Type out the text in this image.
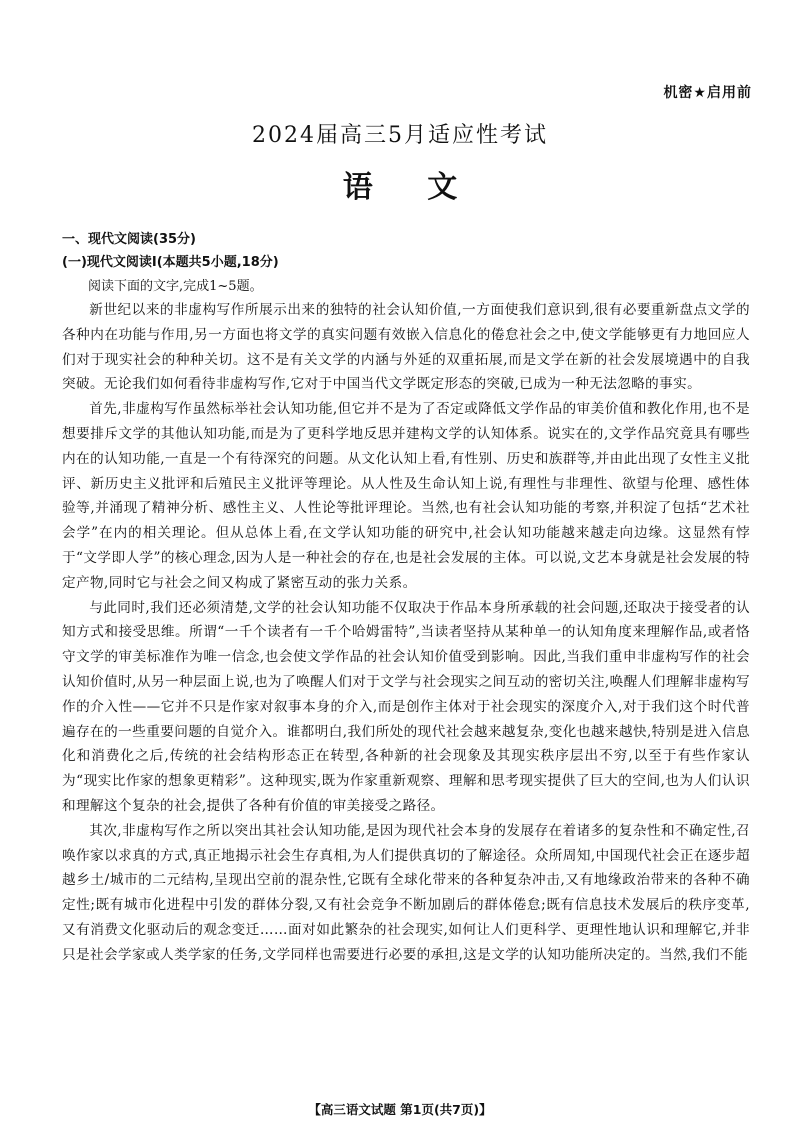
机密★启用前
2024届高三5月适应性考试
语 文
一、现代文阅读(35分)
(一)现代文阅读Ⅰ(本题共5小题,18分)
阅读下面的文字,完成1~5题。

新世纪以来的非虚构写作所展示出来的独特的社会认知价值,一方面使我们意识到,很有必要重新盘点文学的各种内在功能与作用,另一方面也将文学的真实问题有效嵌入信息化的倦怠社会之中,使文学能够更有力地回应人们对于现实社会的种种关切。这不是有关文学的内涵与外延的双重拓展,而是文学在新的社会发展境遇中的自我突破。无论我们如何看待非虚构写作,它对于中国当代文学既定形态的突破,已成为一种无法忽略的事实。

首先,非虚构写作虽然标举社会认知功能,但它并不是为了否定或降低文学作品的审美价值和教化作用,也不是想要排斥文学的其他认知功能,而是为了更科学地反思并建构文学的认知体系。说实在的,文学作品究竟具有哪些内在的认知功能,一直是一个有待深究的问题。从文化认知上看,有性别、历史和族群等,并由此出现了女性主义批评、新历史主义批评和后殖民主义批评等理论。从人性及生命认知上说,有理性与非理性、欲望与伦理、感性体验等,并涌现了精神分析、感性主义、人性论等批评理论。当然,也有社会认知功能的考察,并积淀了包括“艺术社会学”在内的相关理论。但从总体上看,在文学认知功能的研究中,社会认知功能越来越走向边缘。这显然有悖于“文学即人学”的核心理念,因为人是一种社会的存在,也是社会发展的主体。可以说,文艺本身就是社会发展的特定产物,同时它与社会之间又构成了紧密互动的张力关系。

与此同时,我们还必须清楚,文学的社会认知功能不仅取决于作品本身所承载的社会问题,还取决于接受者的认知方式和接受思维。所谓“一千个读者有一千个哈姆雷特”,当读者坚持从某种单一的认知角度来理解作品,或者恪守文学的审美标准作为唯一信念,也会使文学作品的社会认知价值受到影响。因此,当我们重申非虚构写作的社会认知价值时,从另一种层面上说,也为了唤醒人们对于文学与社会现实之间互动的密切关注,唤醒人们理解非虚构写作的介入性——它并不只是作家对叙事本身的介入,而是创作主体对于社会现实的深度介入,对于我们这个时代普遍存在的一些重要问题的自觉介入。谁都明白,我们所处的现代社会越来越复杂,变化也越来越快,特别是进入信息化和消费化之后,传统的社会结构形态正在转型,各种新的社会现象及其现实秩序层出不穷,以至于有些作家认为“现实比作家的想象更精彩”。这种现实,既为作家重新观察、理解和思考现实提供了巨大的空间,也为人们认识和理解这个复杂的社会,提供了各种有价值的审美接受之路径。

其次,非虚构写作之所以突出其社会认知功能,是因为现代社会本身的发展存在着诸多的复杂性和不确定性,召唤作家以求真的方式,真正地揭示社会生存真相,为人们提供真切的了解途径。众所周知,中国现代社会正在逐步超越乡土/城市的二元结构,呈现出空前的混杂性,它既有全球化带来的各种复杂冲击,又有地缘政治带来的各种不确定性;既有城市化进程中引发的群体分裂,又有社会竞争不断加剧后的群体倦怠;既有信息技术发展后的秩序变革,又有消费文化驱动后的观念变迁……面对如此繁杂的社会现实,如何让人们更科学、更理性地认识和理解它,并非只是社会学家或人类学家的任务,文学同样也需要进行必要的承担,这是文学的认知功能所决定的。当然,我们不能

【高三语文试题 第1页(共7页)】
